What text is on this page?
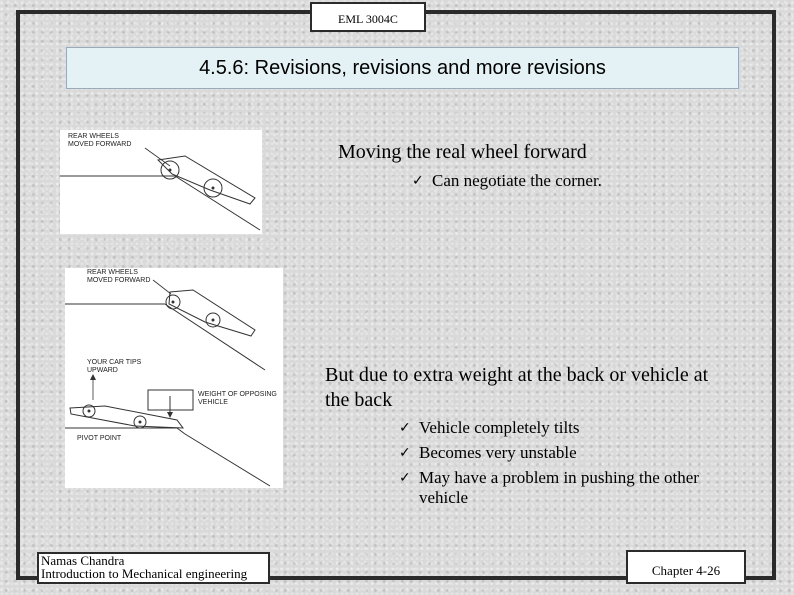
EML 3004C
4.5.6: Revisions, revisions and more revisions
REAR WHEELS
MOVED FORWARD
REAR WHEELS
MOVED FORWARD
YOUR CAR TIPS
UPWARD
WEIGHT OF OPPOSING
VEHICLE
PIVOT POINT
Moving the real wheel forward
✓ Can negotiate the corner.
But due to extra weight at the back or vehicle at the back
✓ Vehicle completely tilts
✓ Becomes very unstable
✓ May have a problem in pushing the other vehicle
Namas Chandra
Introduction to Mechanical engineering	Chapter 4-26
